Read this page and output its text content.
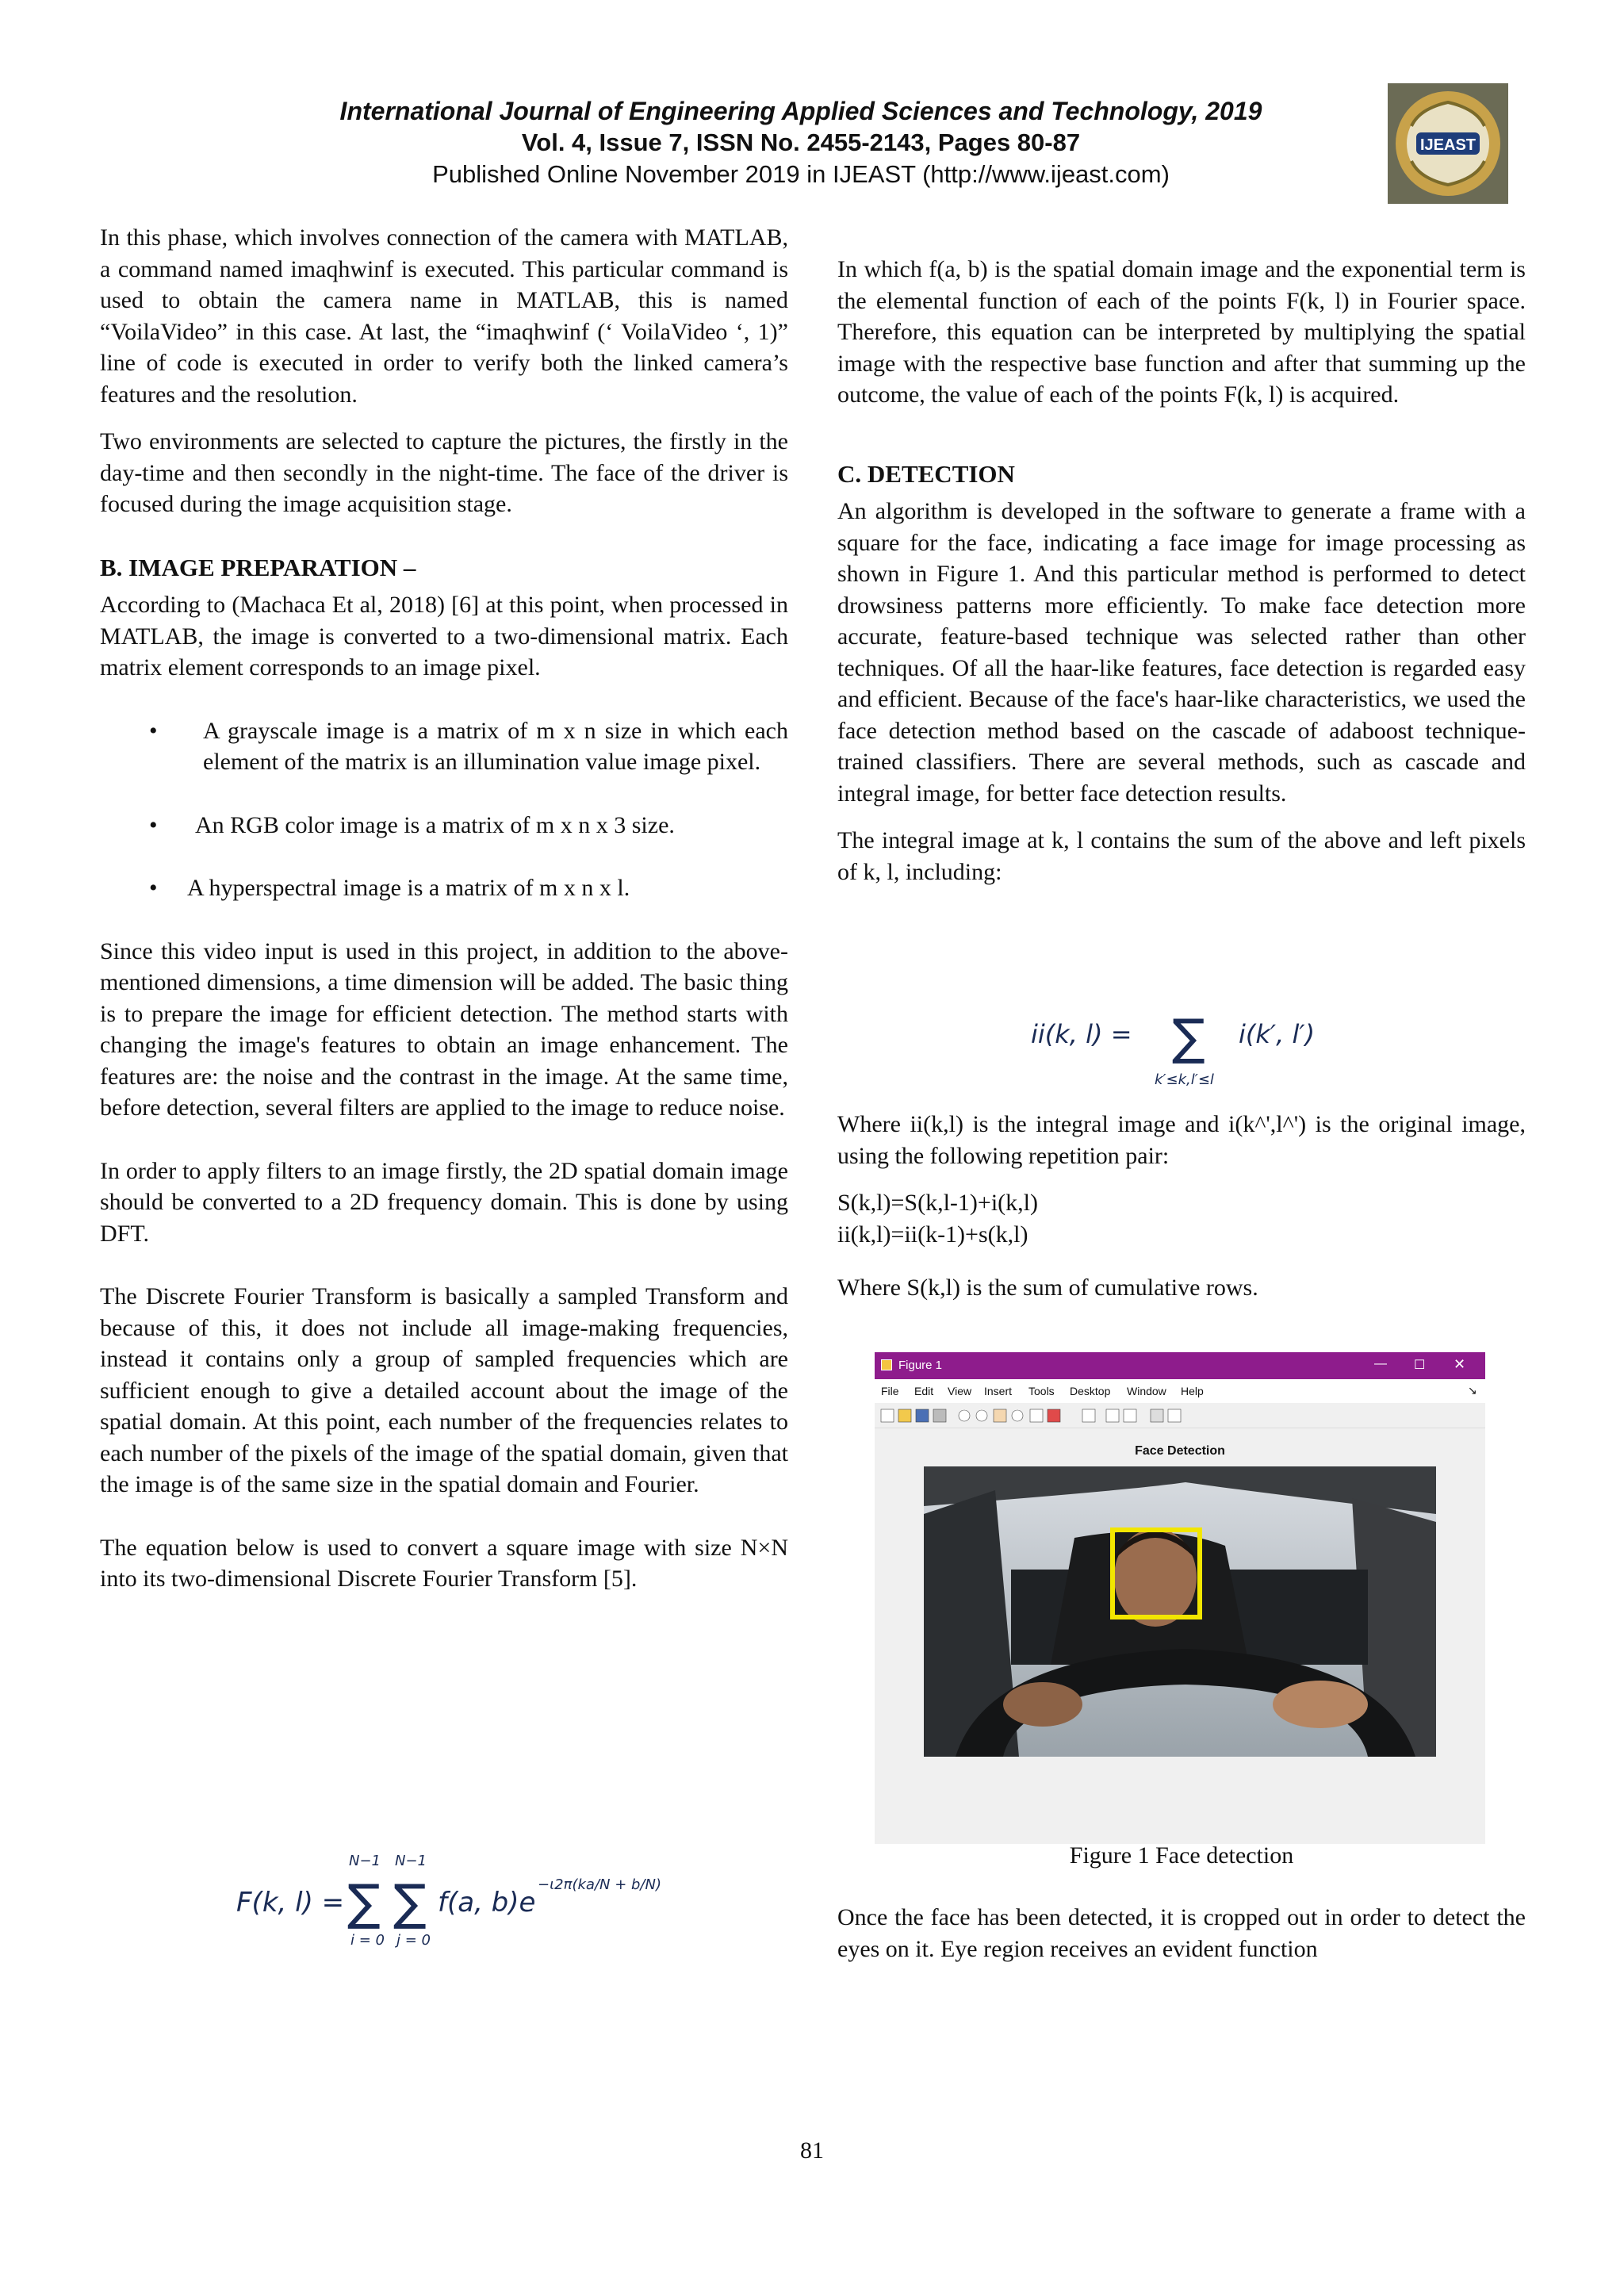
International Journal of Engineering Applied Sciences and Technology, 2019
Vol. 4, Issue 7, ISSN No. 2455-2143, Pages 80-87
Published Online November 2019 in IJEAST (http://www.ijeast.com)
IJEAST

In this phase, which involves connection of the camera with MATLAB, a command named imaqhwinf is executed. This particular command is used to obtain the camera name in MATLAB, this is named “VoilaVideo” in this case. At last, the “imaqhwinf (‘ VoilaVideo ‘, 1)” line of code is executed in order to verify both the linked camera’s features and the resolution.

Two environments are selected to capture the pictures, the firstly in the day-time and then secondly in the night-time. The face of the driver is focused during the image acquisition stage.

B. IMAGE PREPARATION –

According to (Machaca Et al, 2018) [6] at this point, when processed in MATLAB, the image is converted to a two-dimensional matrix. Each matrix element corresponds to an image pixel.

•	A grayscale image is a matrix of m x n size in which each element of the matrix is an illumination value image pixel.
•	An RGB color image is a matrix of m x n x 3 size.
•	A hyperspectral image is a matrix of m x n x l.

Since this video input is used in this project, in addition to the above-mentioned dimensions, a time dimension will be added. The basic thing is to prepare the image for efficient detection. The method starts with changing the image's features to obtain an image enhancement. The features are: the noise and the contrast in the image. At the same time, before detection, several filters are applied to the image to reduce noise.

In order to apply filters to an image firstly, the 2D spatial domain image should be converted to a 2D frequency domain. This is done by using DFT.

The Discrete Fourier Transform is basically a sampled Transform and because of this, it does not include all image-making frequencies, instead it contains only a group of sampled frequencies which are sufficient enough to give a detailed account about the image of the spatial domain. At this point, each number of the frequencies relates to each number of the pixels of the image of the spatial domain, given that the image is of the same size in the spatial domain and Fourier.

The equation below is used to convert a square image with size N×N into its two-dimensional Discrete Fourier Transform [5].

F(k, l) =
N−1
∑
i = 0
N−1
∑
j = 0
f(a, b)e
−ι2π(ka/N + b/N)

In which f(a, b) is the spatial domain image and the exponential term is the elemental function of each of the points F(k, l) in Fourier space. Therefore, this equation can be interpreted by multiplying the spatial image with the respective base function and after that summing up the outcome, the value of each of the points F(k, l) is acquired.

C. DETECTION

An algorithm is developed in the software to generate a frame with a square for the face, indicating a face image for image processing as shown in Figure 1. And this particular method is performed to detect drowsiness patterns more efficiently. To make face detection more accurate, feature-based technique was selected rather than other techniques. Of all the haar-like features, face detection is regarded easy and efficient. Because of the face's haar-like characteristics, we used the face detection method based on the cascade of adaboost technique-trained classifiers. There are several methods, such as cascade and integral image, for better face detection results.

The integral image at k, l contains the sum of the above and left pixels of k, l, including:

ii(k, l) = ∑
k′≤k,l′≤l
i(k′, l′)

Where ii(k,l) is the integral image and i(k^',l^') is the original image, using the following repetition pair:

S(k,l)=S(k,l-1)+i(k,l)

ii(k,l)=ii(k-1)+s(k,l)

Where S(k,l) is the sum of cumulative rows.

Figure 1	— ☐ ✕
File Edit View Insert Tools Desktop Window Help	↘
Face Detection
Figure 1 Face detection

Once the face has been detected, it is cropped out in order to detect the eyes on it. Eye region receives an evident function

81
